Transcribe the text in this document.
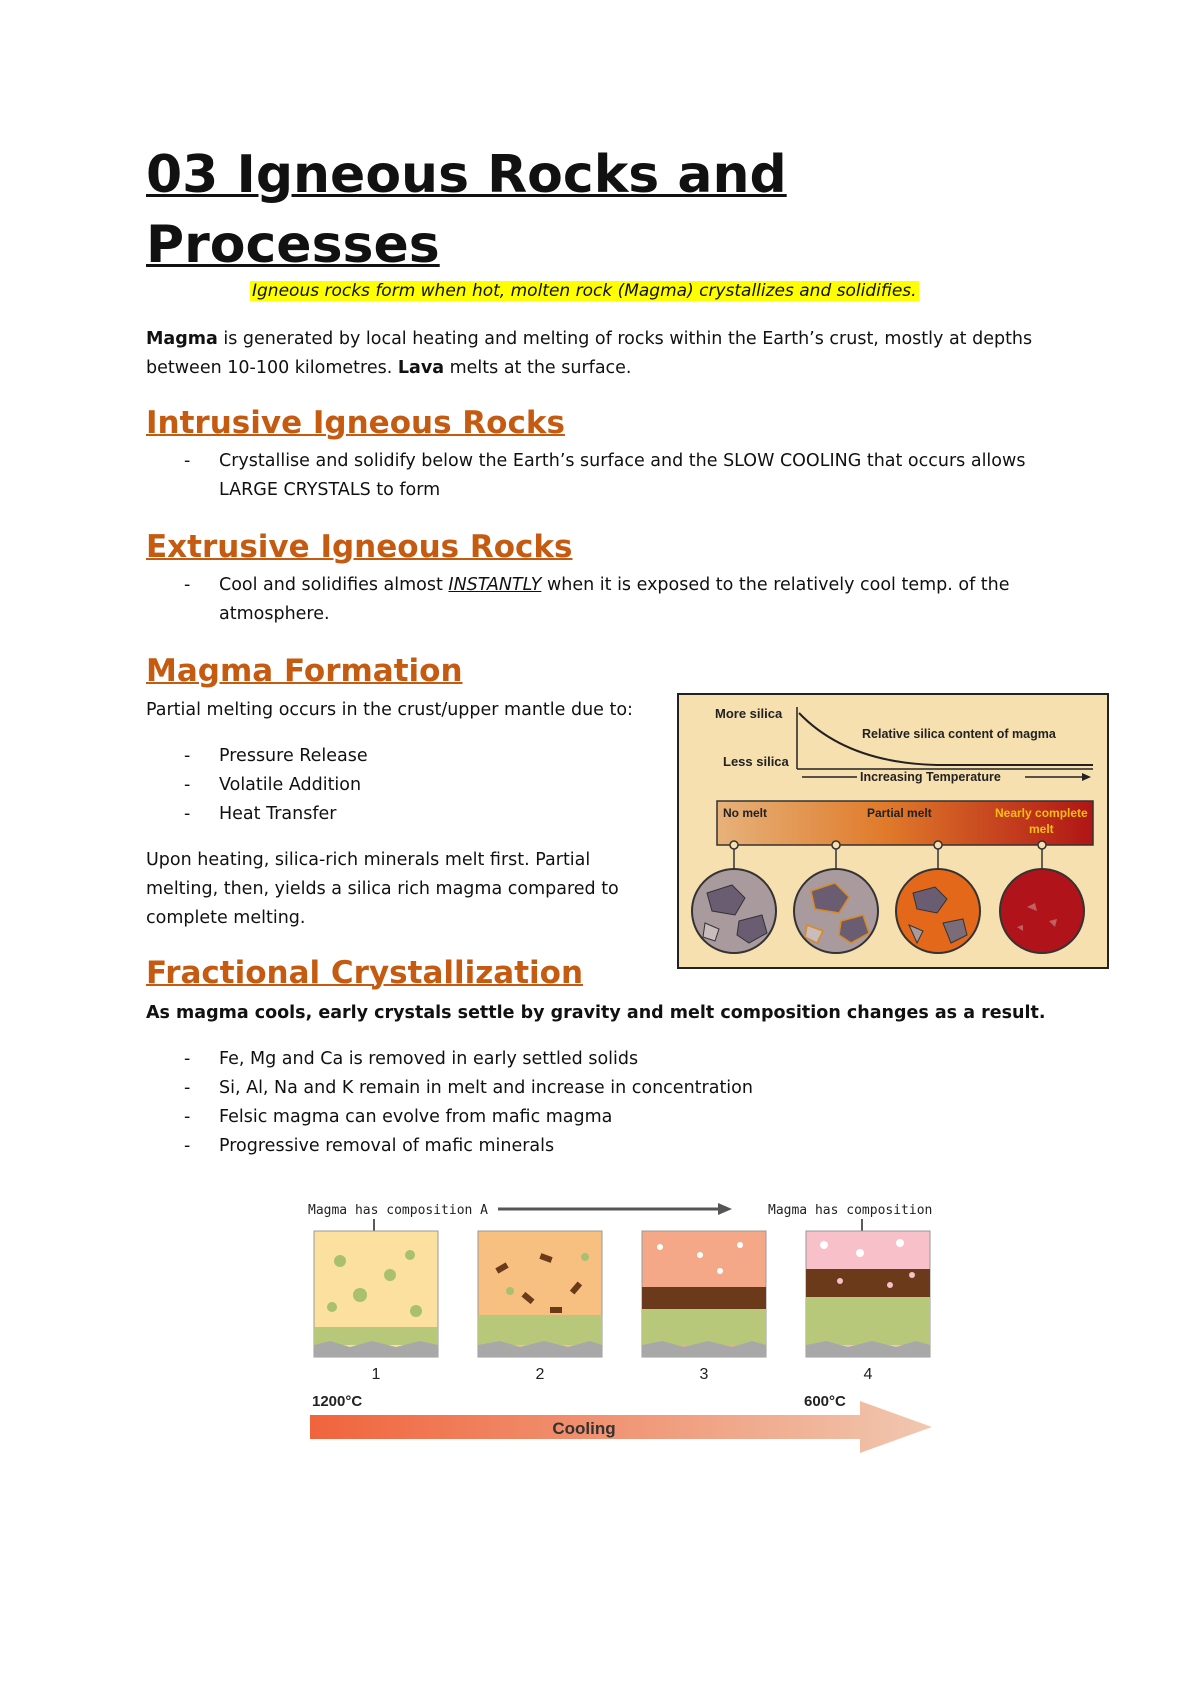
03 Igneous Rocks and Processes
Igneous rocks form when hot, molten rock (Magma) crystallizes and solidifies.
Magma is generated by local heating and melting of rocks within the Earth’s crust, mostly at depths between 10-100 kilometres. Lava melts at the surface.
Intrusive Igneous Rocks
- Crystallise and solidify below the Earth’s surface and the SLOW COOLING that occurs allows LARGE CRYSTALS to form
Extrusive Igneous Rocks
- Cool and solidifies almost INSTANTLY when it is exposed to the relatively cool temp. of the atmosphere.
Magma Formation
Partial melting occurs in the crust/upper mantle due to:
- Pressure Release
- Volatile Addition
- Heat Transfer
Upon heating, silica-rich minerals melt first. Partial melting, then, yields a silica rich magma compared to complete melting.
More silica
Less silica
Relative silica content of magma
Increasing Temperature
No melt	Partial melt	Nearly complete
melt
Fractional Crystallization
As magma cools, early crystals settle by gravity and melt composition changes as a result.
- Fe, Mg and Ca is removed in early settled solids
- Si, Al, Na and K remain in melt and increase in concentration
- Felsic magma can evolve from mafic magma
- Progressive removal of mafic minerals
Magma has composition A	Magma has composition
1	2	3	4
1200°C	600°C
Cooling
